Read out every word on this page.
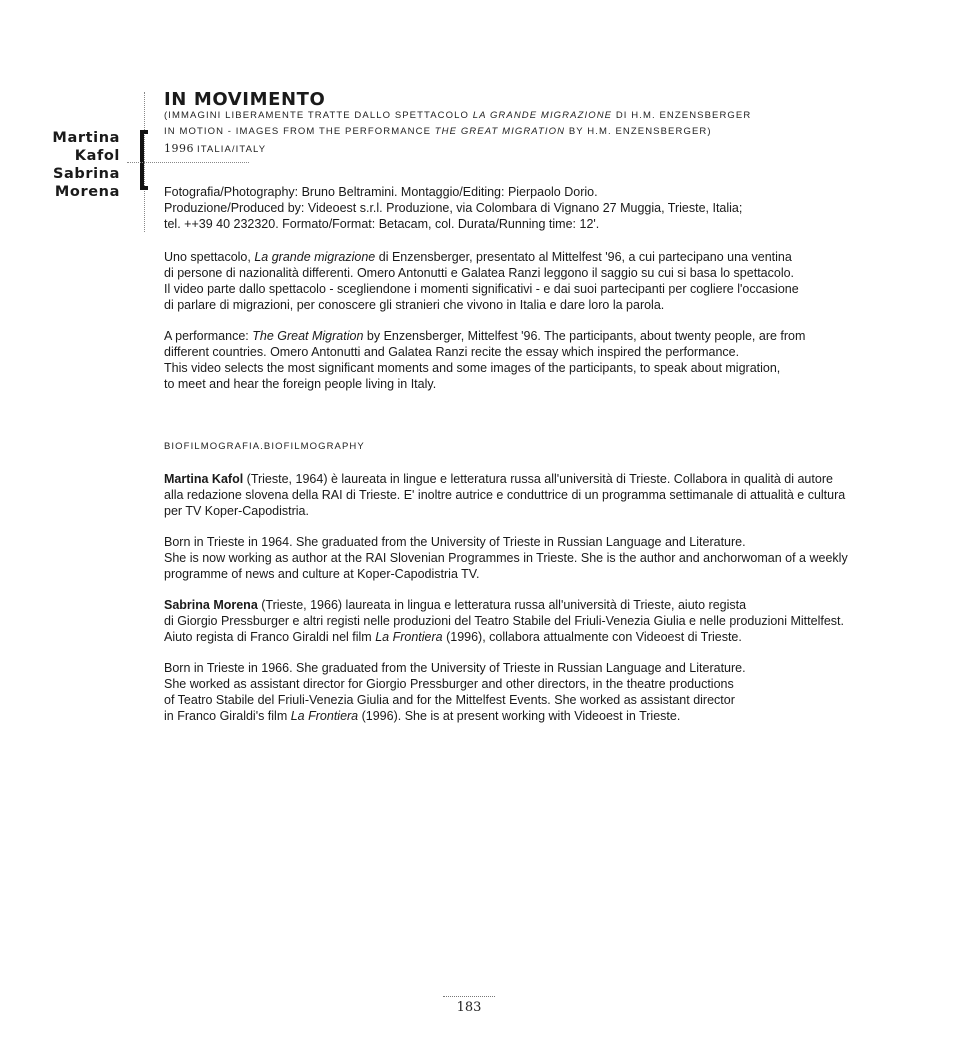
Martina
Kafol
Sabrina
Morena
IN MOVIMENTO
(IMMAGINI LIBERAMENTE TRATTE DALLO SPETTACOLO LA GRANDE MIGRAZIONE DI H.M. ENZENSBERGER
IN MOTION - IMAGES FROM THE PERFORMANCE THE GREAT MIGRATION BY H.M. ENZENSBERGER)
1996 ITALIA/ITALY

Fotografia/Photography: Bruno Beltramini. Montaggio/Editing: Pierpaolo Dorio.
Produzione/Produced by: Videoest s.r.l. Produzione, via Colombara di Vignano 27 Muggia, Trieste, Italia;
tel. ++39 40 232320. Formato/Format: Betacam, col. Durata/Running time: 12'.

Uno spettacolo, La grande migrazione di Enzensberger, presentato al Mittelfest '96, a cui partecipano una ventina
di persone di nazionalità differenti. Omero Antonutti e Galatea Ranzi leggono il saggio su cui si basa lo spettacolo.
Il video parte dallo spettacolo - scegliendone i momenti significativi - e dai suoi partecipanti per cogliere l'occasione
di parlare di migrazioni, per conoscere gli stranieri che vivono in Italia e dare loro la parola.

A performance: The Great Migration by Enzensberger, Mittelfest '96. The participants, about twenty people, are from
different countries. Omero Antonutti and Galatea Ranzi recite the essay which inspired the performance.
This video selects the most significant moments and some images of the participants, to speak about migration,
to meet and hear the foreign people living in Italy.

BIOFILMOGRAFIA.BIOFILMOGRAPHY

Martina Kafol (Trieste, 1964) è laureata in lingue e letteratura russa all'università di Trieste. Collabora in qualità di autore
alla redazione slovena della RAI di Trieste. E' inoltre autrice e conduttrice di un programma settimanale di attualità e cultura
per TV Koper-Capodistria.

Born in Trieste in 1964. She graduated from the University of Trieste in Russian Language and Literature.
She is now working as author at the RAI Slovenian Programmes in Trieste. She is the author and anchorwoman of a weekly
programme of news and culture at Koper-Capodistria TV.

Sabrina Morena (Trieste, 1966) laureata in lingua e letteratura russa all'università di Trieste, aiuto regista
di Giorgio Pressburger e altri registi nelle produzioni del Teatro Stabile del Friuli-Venezia Giulia e nelle produzioni Mittelfest.
Aiuto regista di Franco Giraldi nel film La Frontiera (1996), collabora attualmente con Videoest di Trieste.

Born in Trieste in 1966. She graduated from the University of Trieste in Russian Language and Literature.
She worked as assistant director for Giorgio Pressburger and other directors, in the theatre productions
of Teatro Stabile del Friuli-Venezia Giulia and for the Mittelfest Events. She worked as assistant director
in Franco Giraldi's film La Frontiera (1996). She is at present working with Videoest in Trieste.

183
